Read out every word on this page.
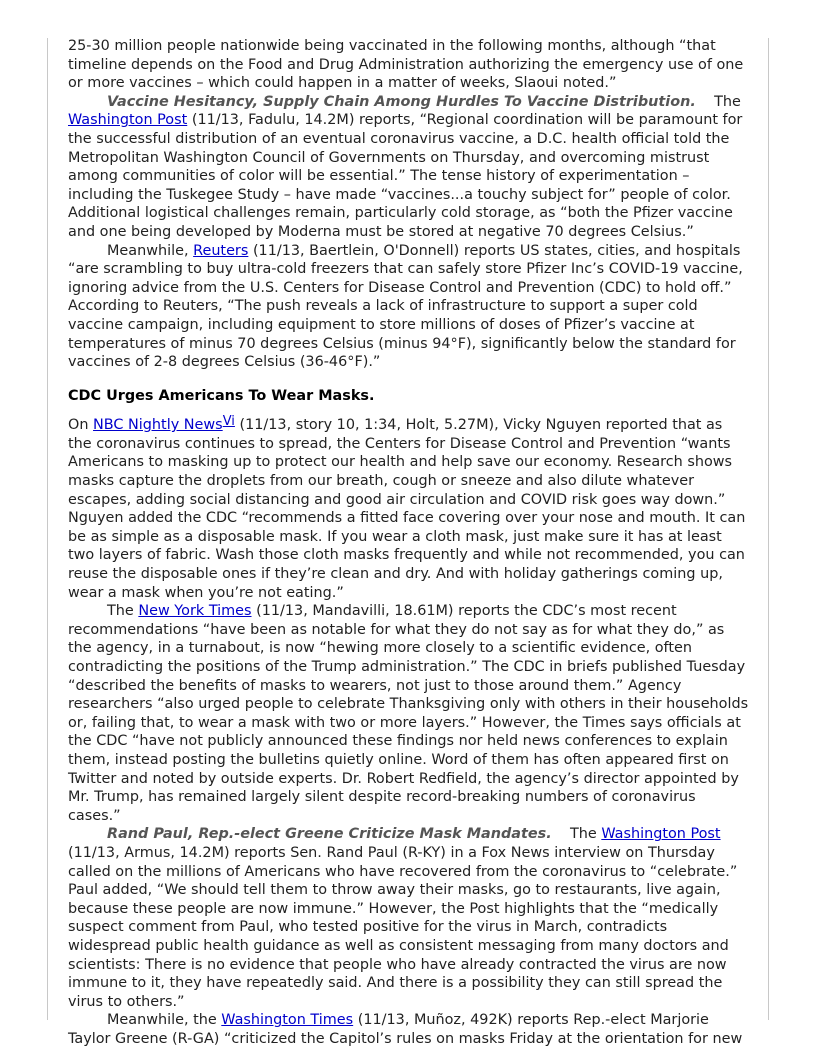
25-30 million people nationwide being vaccinated in the following months, although “that timeline depends on the Food and Drug Administration authorizing the emergency use of one or more vaccines – which could happen in a matter of weeks, Slaoui noted.”

Vaccine Hesitancy, Supply Chain Among Hurdles To Vaccine Distribution. The Washington Post (11/13, Fadulu, 14.2M) reports, “Regional coordination will be paramount for the successful distribution of an eventual coronavirus vaccine, a D.C. health official told the Metropolitan Washington Council of Governments on Thursday, and overcoming mistrust among communities of color will be essential.” The tense history of experimentation – including the Tuskegee Study – have made “vaccines...a touchy subject for” people of color. Additional logistical challenges remain, particularly cold storage, as “both the Pfizer vaccine and one being developed by Moderna must be stored at negative 70 degrees Celsius.”

Meanwhile, Reuters (11/13, Baertlein, O'Donnell) reports US states, cities, and hospitals “are scrambling to buy ultra-cold freezers that can safely store Pfizer Inc’s COVID-19 vaccine, ignoring advice from the U.S. Centers for Disease Control and Prevention (CDC) to hold off.” According to Reuters, “The push reveals a lack of infrastructure to support a super cold vaccine campaign, including equipment to store millions of doses of Pfizer’s vaccine at temperatures of minus 70 degrees Celsius (minus 94°F), significantly below the standard for vaccines of 2-8 degrees Celsius (36-46°F).”

CDC Urges Americans To Wear Masks.

On NBC Nightly News$^{Vi}$ (11/13, story 10, 1:34, Holt, 5.27M), Vicky Nguyen reported that as the coronavirus continues to spread, the Centers for Disease Control and Prevention “wants Americans to masking up to protect our health and help save our economy. Research shows masks capture the droplets from our breath, cough or sneeze and also dilute whatever escapes, adding social distancing and good air circulation and COVID risk goes way down.” Nguyen added the CDC “recommends a fitted face covering over your nose and mouth. It can be as simple as a disposable mask. If you wear a cloth mask, just make sure it has at least two layers of fabric. Wash those cloth masks frequently and while not recommended, you can reuse the disposable ones if they’re clean and dry. And with holiday gatherings coming up, wear a mask when you’re not eating.”

The New York Times (11/13, Mandavilli, 18.61M) reports the CDC’s most recent recommendations “have been as notable for what they do not say as for what they do,” as the agency, in a turnabout, is now “hewing more closely to a scientific evidence, often contradicting the positions of the Trump administration.” The CDC in briefs published Tuesday “described the benefits of masks to wearers, not just to those around them.” Agency researchers “also urged people to celebrate Thanksgiving only with others in their households or, failing that, to wear a mask with two or more layers.” However, the Times says officials at the CDC “have not publicly announced these findings nor held news conferences to explain them, instead posting the bulletins quietly online. Word of them has often appeared first on Twitter and noted by outside experts. Dr. Robert Redfield, the agency’s director appointed by Mr. Trump, has remained largely silent despite record-breaking numbers of coronavirus cases.”

Rand Paul, Rep.-elect Greene Criticize Mask Mandates. The Washington Post (11/13, Armus, 14.2M) reports Sen. Rand Paul (R-KY) in a Fox News interview on Thursday called on the millions of Americans who have recovered from the coronavirus to “celebrate.” Paul added, “We should tell them to throw away their masks, go to restaurants, live again, because these people are now immune.” However, the Post highlights that the “medically suspect comment from Paul, who tested positive for the virus in March, contradicts widespread public health guidance as well as consistent messaging from many doctors and scientists: There is no evidence that people who have already contracted the virus are now immune to it, they have repeatedly said. And there is a possibility they can still spread the virus to others.”

Meanwhile, the Washington Times (11/13, Muñoz, 492K) reports Rep.-elect Marjorie Taylor Greene (R-GA) “criticized the Capitol’s rules on masks Friday at the orientation for new
